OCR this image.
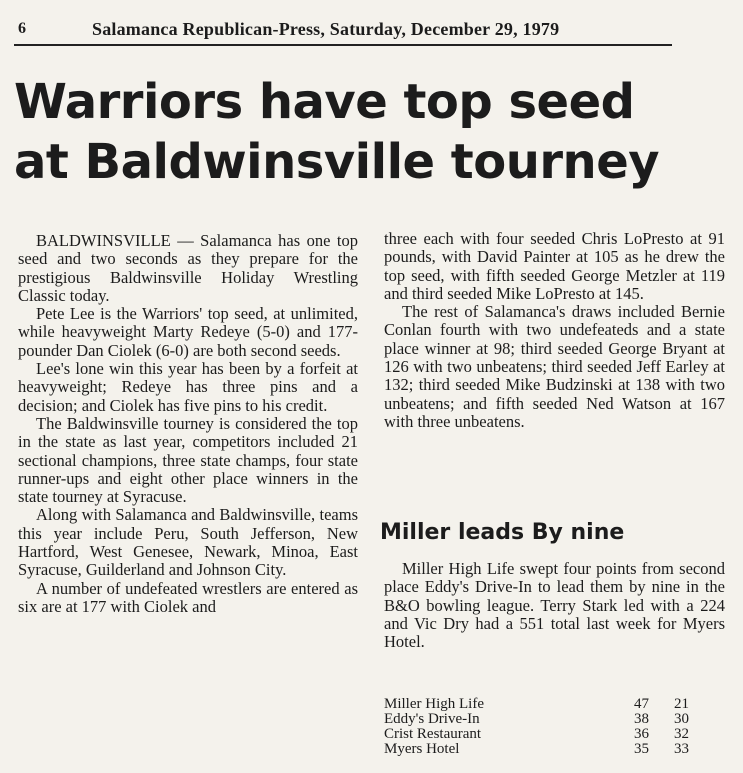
6	Salamanca Republican-Press, Saturday, December 29, 1979
Warriors have top seed
at Baldwinsville tourney

BALDWINSVILLE — Salamanca has one top seed and two seconds as they prepare for the prestigious Baldwinsville Holiday Wrestling Classic today.

Pete Lee is the Warriors' top seed, at unlimited, while heavyweight Marty Redeye (5-0) and 177-pounder Dan Ciolek (6-0) are both second seeds.

Lee's lone win this year has been by a forfeit at heavyweight; Redeye has three pins and a decision; and Ciolek has five pins to his credit.

The Baldwinsville tourney is considered the top in the state as last year, competitors included 21 sectional champions, three state champs, four state runner-ups and eight other place winners in the state tourney at Syracuse.

Along with Salamanca and Baldwinsville, teams this year include Peru, South Jefferson, New Hartford, West Genesee, Newark, Minoa, East Syracuse, Guilderland and Johnson City.

A number of undefeated wrestlers are entered as six are at 177 with Ciolek and

three each with four seeded Chris LoPresto at 91 pounds, with David Painter at 105 as he drew the top seed, with fifth seeded George Metzler at 119 and third seeded Mike LoPresto at 145.

The rest of Salamanca's draws included Bernie Conlan fourth with two undefeateds and a state place winner at 98; third seeded George Bryant at 126 with two unbeatens; third seeded Jeff Earley at 132; third seeded Mike Budzinski at 138 with two unbeatens; and fifth seeded Ned Watson at 167 with three unbeatens.

Miller leads By nine

Miller High Life swept four points from second place Eddy's Drive-In to lead them by nine in the B&O bowling league. Terry Stark led with a 224 and Vic Dry had a 551 total last week for Myers Hotel.

Miller High Life	47	21
Eddy's Drive-In	38	30
Crist Restaurant	36	32
Myers Hotel	35	33
